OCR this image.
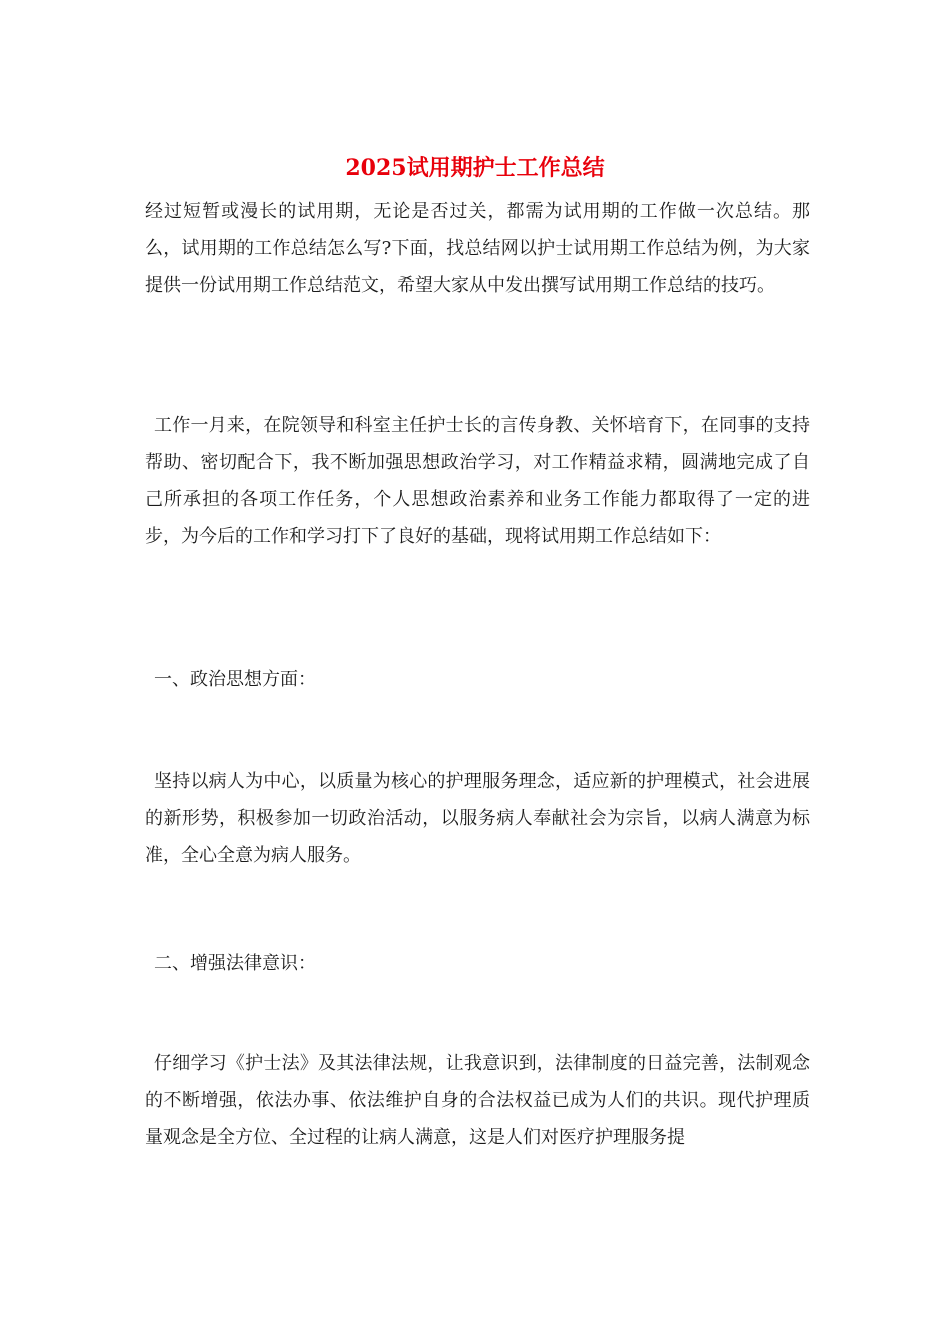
2025试用期护士工作总结

经过短暂或漫长的试用期，无论是否过关，都需为试用期的工作做一次总结。那么，试用期的工作总结怎么写?下面，找总结网以护士试用期工作总结为例，为大家提供一份试用期工作总结范文，希望大家从中发出撰写试用期工作总结的技巧。

工作一月来，在院领导和科室主任护士长的言传身教、关怀培育下，在同事的支持帮助、密切配合下，我不断加强思想政治学习，对工作精益求精，圆满地完成了自己所承担的各项工作任务，个人思想政治素养和业务工作能力都取得了一定的进步，为今后的工作和学习打下了良好的基础，现将试用期工作总结如下：

一、政治思想方面：

坚持以病人为中心，以质量为核心的护理服务理念，适应新的护理模式，社会进展的新形势，积极参加一切政治活动，以服务病人奉献社会为宗旨，以病人满意为标准，全心全意为病人服务。

二、增强法律意识：

仔细学习《护士法》及其法律法规，让我意识到，法律制度的日益完善，法制观念的不断增强，依法办事、依法维护自身的合法权益已成为人们的共识。现代护理质量观念是全方位、全过程的让病人满意，这是人们对医疗护理服务提
